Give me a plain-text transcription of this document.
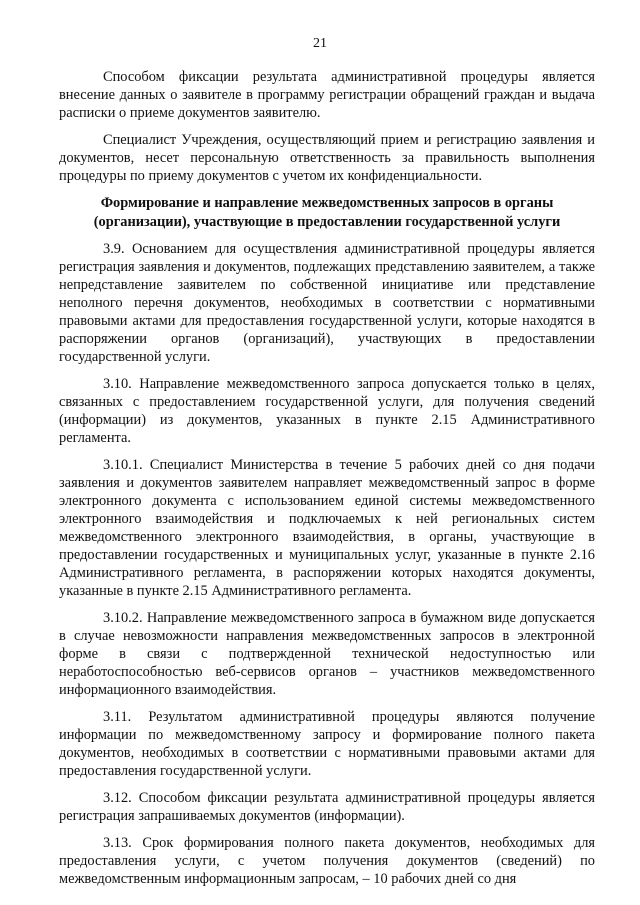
21

Способом фиксации результата административной процедуры является внесение данных о заявителе в программу регистрации обращений граждан и выдача расписки о приеме документов заявителю.

Специалист Учреждения, осуществляющий прием и регистрацию заявления и документов, несет персональную ответственность за правильность выполнения процедуры по приему документов с учетом их конфиденциальности.

Формирование и направление межведомственных запросов в органы
(организации), участвующие в предоставлении государственной услуги

3.9. Основанием для осуществления административной процедуры является регистрация заявления и документов, подлежащих представлению заявителем, а также непредставление заявителем по собственной инициативе или представление неполного перечня документов, необходимых в соответствии с нормативными правовыми актами для предоставления государственной услуги, которые находятся в распоряжении органов (организаций), участвующих в предоставлении государственной услуги.

3.10. Направление межведомственного запроса допускается только в целях, связанных с предоставлением государственной услуги, для получения сведений (информации) из документов, указанных в пункте 2.15 Административного регламента.

3.10.1. Специалист Министерства в течение 5 рабочих дней со дня подачи заявления и документов заявителем направляет межведомственный запрос в форме электронного документа с использованием единой системы межведомственного электронного взаимодействия и подключаемых к ней региональных систем межведомственного электронного взаимодействия, в органы, участвующие в предоставлении государственных и муниципальных услуг, указанные в пункте 2.16 Административного регламента, в распоряжении которых находятся документы, указанные в пункте 2.15 Административного регламента.

3.10.2. Направление межведомственного запроса в бумажном виде допускается в случае невозможности направления межведомственных запросов в электронной форме в связи с подтвержденной технической недоступностью или неработоспособностью веб-сервисов органов – участников межведомственного информационного взаимодействия.

3.11. Результатом административной процедуры являются получение информации по межведомственному запросу и формирование полного пакета документов, необходимых в соответствии с нормативными правовыми актами для предоставления государственной услуги.

3.12. Способом фиксации результата административной процедуры является регистрация запрашиваемых документов (информации).

3.13. Срок формирования полного пакета документов, необходимых для предоставления услуги, с учетом получения документов (сведений) по межведомственным информационным запросам, – 10 рабочих дней со дня
